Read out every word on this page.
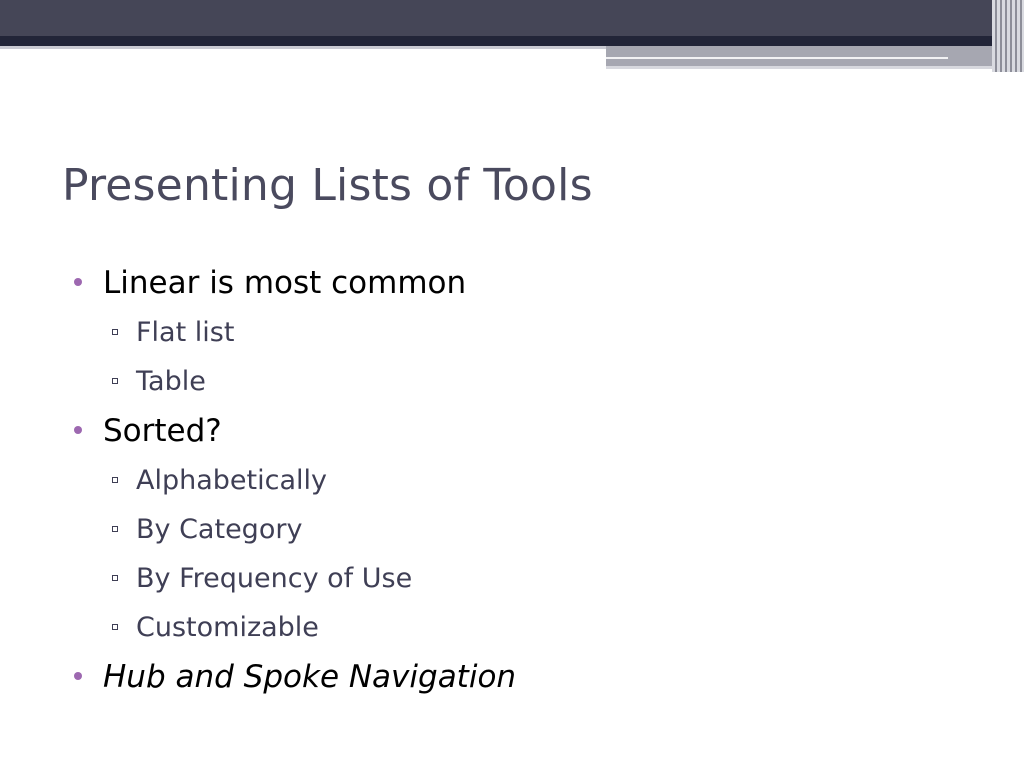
Presenting Lists of Tools
Linear is most common
Flat list
Table
Sorted?
Alphabetically
By Category
By Frequency of Use
Customizable
Hub and Spoke Navigation
